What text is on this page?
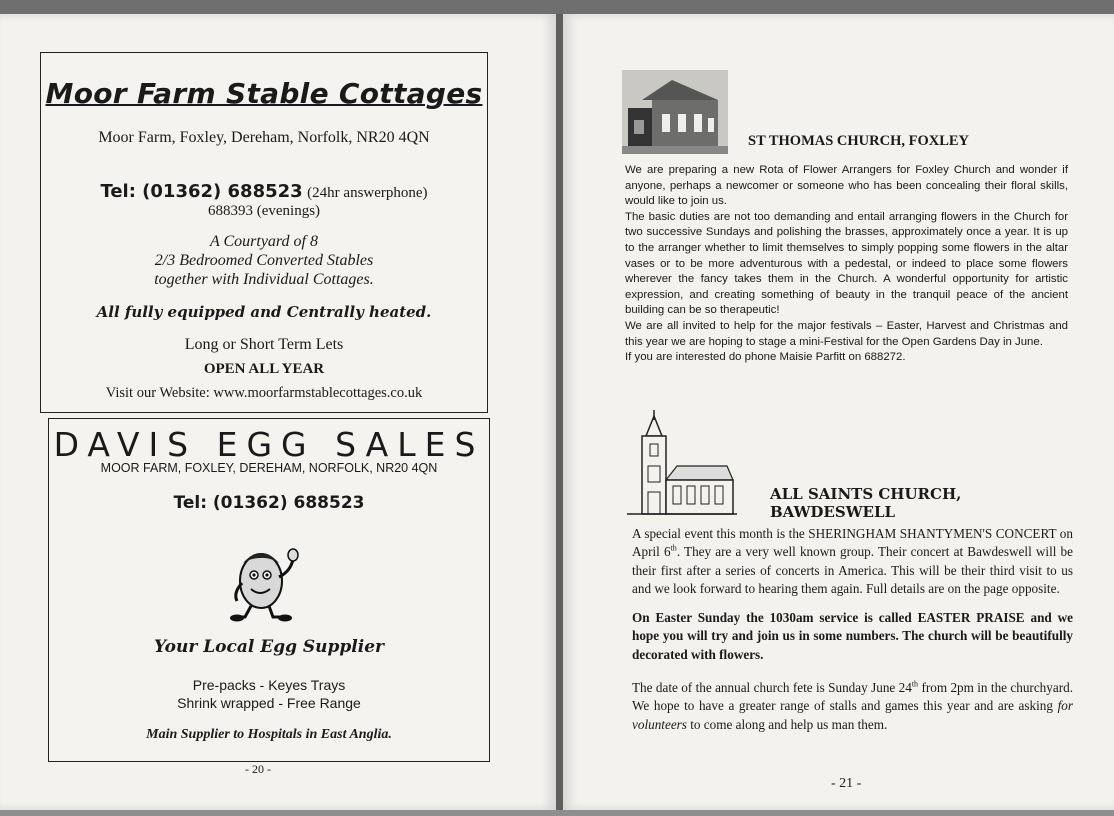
Moor Farm Stable Cottages
Moor Farm, Foxley, Dereham, Norfolk, NR20 4QN
Tel: (01362) 688523 (24hr answerphone)
688393 (evenings)
A Courtyard of 8
2/3 Bedroomed Converted Stables
together with Individual Cottages.
All fully equipped and Centrally heated.
Long or Short Term Lets
OPEN ALL YEAR
Visit our Website: www.moorfarmstablecottages.co.uk
DAVIS EGG SALES
MOOR FARM, FOXLEY, DEREHAM, NORFOLK, NR20 4QN
Tel: (01362) 688523
Your Local Egg Supplier
Pre-packs - Keyes Trays
Shrink wrapped - Free Range
Main Supplier to Hospitals in East Anglia.
- 20 -
ST THOMAS CHURCH, FOXLEY

We are preparing a new Rota of Flower Arrangers for Foxley Church and wonder if anyone, perhaps a newcomer or someone who has been concealing their floral skills, would like to join us.

The basic duties are not too demanding and entail arranging flowers in the Church for two successive Sundays and polishing the brasses, approximately once a year. It is up to the arranger whether to limit themselves to simply popping some flowers in the altar vases or to be more adventurous with a pedestal, or indeed to place some flowers wherever the fancy takes them in the Church. A wonderful opportunity for artistic expression, and creating something of beauty in the tranquil peace of the ancient building can be so therapeutic!

We are all invited to help for the major festivals – Easter, Harvest and Christmas and this year we are hoping to stage a mini-Festival for the Open Gardens Day in June.

If you are interested do phone Maisie Parfitt on 688272.

ALL SAINTS CHURCH,
BAWDESWELL

A special event this month is the SHERINGHAM SHANTYMEN'S CONCERT on April 6th. They are a very well known group. Their concert at Bawdeswell will be their first after a series of concerts in America. This will be their third visit to us and we look forward to hearing them again. Full details are on the page opposite.

On Easter Sunday the 1030am service is called EASTER PRAISE and we hope you will try and join us in some numbers. The church will be beautifully decorated with flowers.

The date of the annual church fete is Sunday June 24th from 2pm in the churchyard. We hope to have a greater range of stalls and games this year and are asking for volunteers to come along and help us man them.

- 21 -
